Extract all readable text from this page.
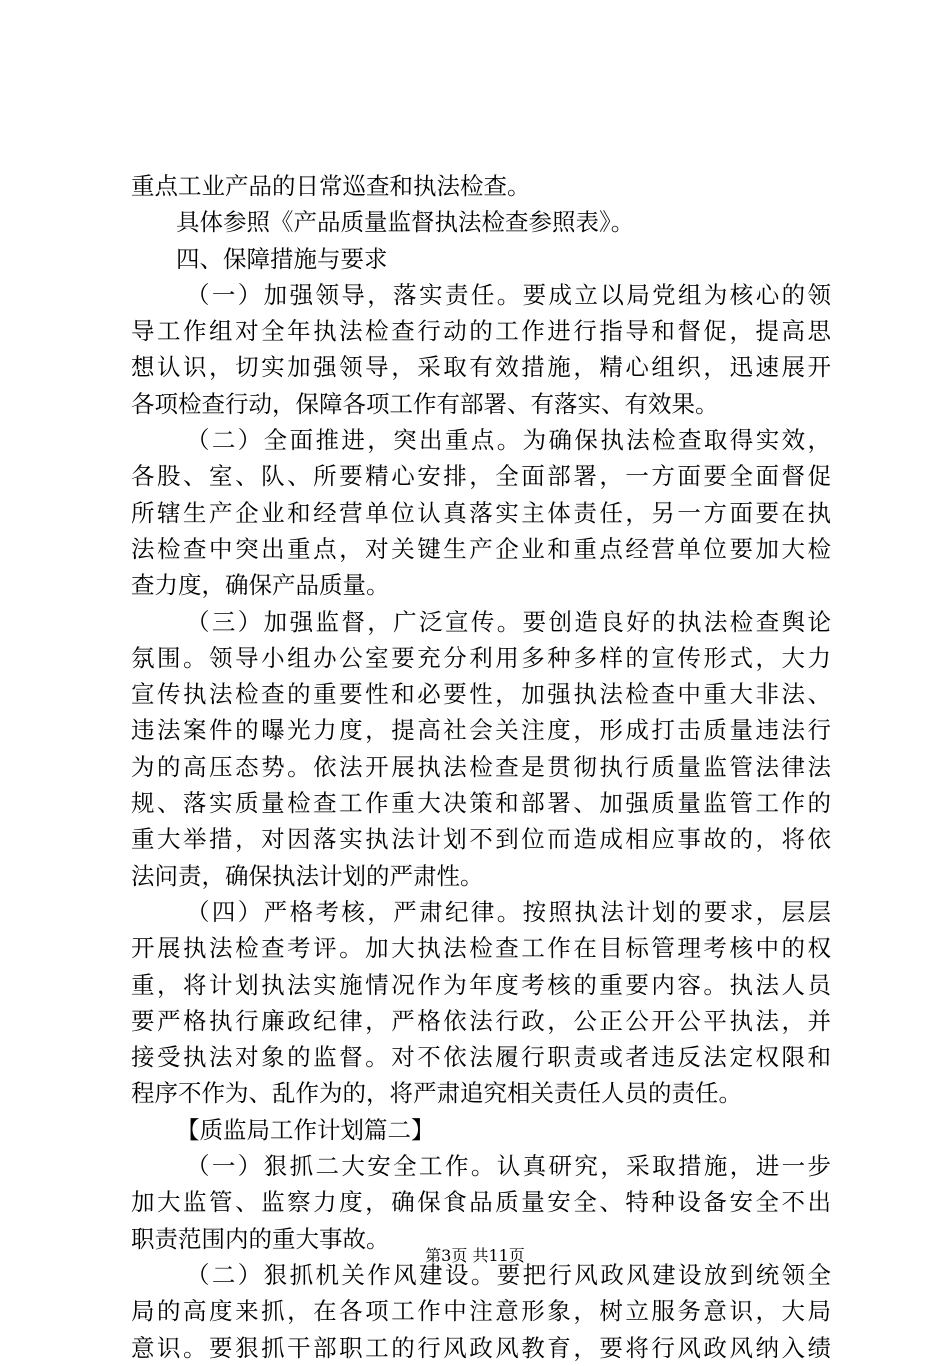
重点工业产品的日常巡查和执法检查。
具体参照《产品质量监督执法检查参照表》。
四、保障措施与要求
（一）加强领导，落实责任。要成立以局党组为核心的领
导工作组对全年执法检查行动的工作进行指导和督促，提高思
想认识，切实加强领导，采取有效措施，精心组织，迅速展开
各项检查行动，保障各项工作有部署、有落实、有效果。
（二）全面推进，突出重点。为确保执法检查取得实效，
各股、室、队、所要精心安排，全面部署，一方面要全面督促
所辖生产企业和经营单位认真落实主体责任，另一方面要在执
法检查中突出重点，对关键生产企业和重点经营单位要加大检
查力度，确保产品质量。
（三）加强监督，广泛宣传。要创造良好的执法检查舆论
氛围。领导小组办公室要充分利用多种多样的宣传形式，大力
宣传执法检查的重要性和必要性，加强执法检查中重大非法、
违法案件的曝光力度，提高社会关注度，形成打击质量违法行
为的高压态势。依法开展执法检查是贯彻执行质量监管法律法
规、落实质量检查工作重大决策和部署、加强质量监管工作的
重大举措，对因落实执法计划不到位而造成相应事故的，将依
法问责，确保执法计划的严肃性。
（四）严格考核，严肃纪律。按照执法计划的要求，层层
开展执法检查考评。加大执法检查工作在目标管理考核中的权
重，将计划执法实施情况作为年度考核的重要内容。执法人员
要严格执行廉政纪律，严格依法行政，公正公开公平执法，并
接受执法对象的监督。对不依法履行职责或者违反法定权限和
程序不作为、乱作为的，将严肃追究相关责任人员的责任。
【质监局工作计划篇二】
（一）狠抓二大安全工作。认真研究，采取措施，进一步
加大监管、监察力度，确保食品质量安全、特种设备安全不出
职责范围内的重大事故。
（二）狠抓机关作风建设。要把行风政风建设放到统领全
局的高度来抓，在各项工作中注意形象，树立服务意识，大局
意识。要狠抓干部职工的行风政风教育，要将行风政风纳入绩
第3页 共11页
